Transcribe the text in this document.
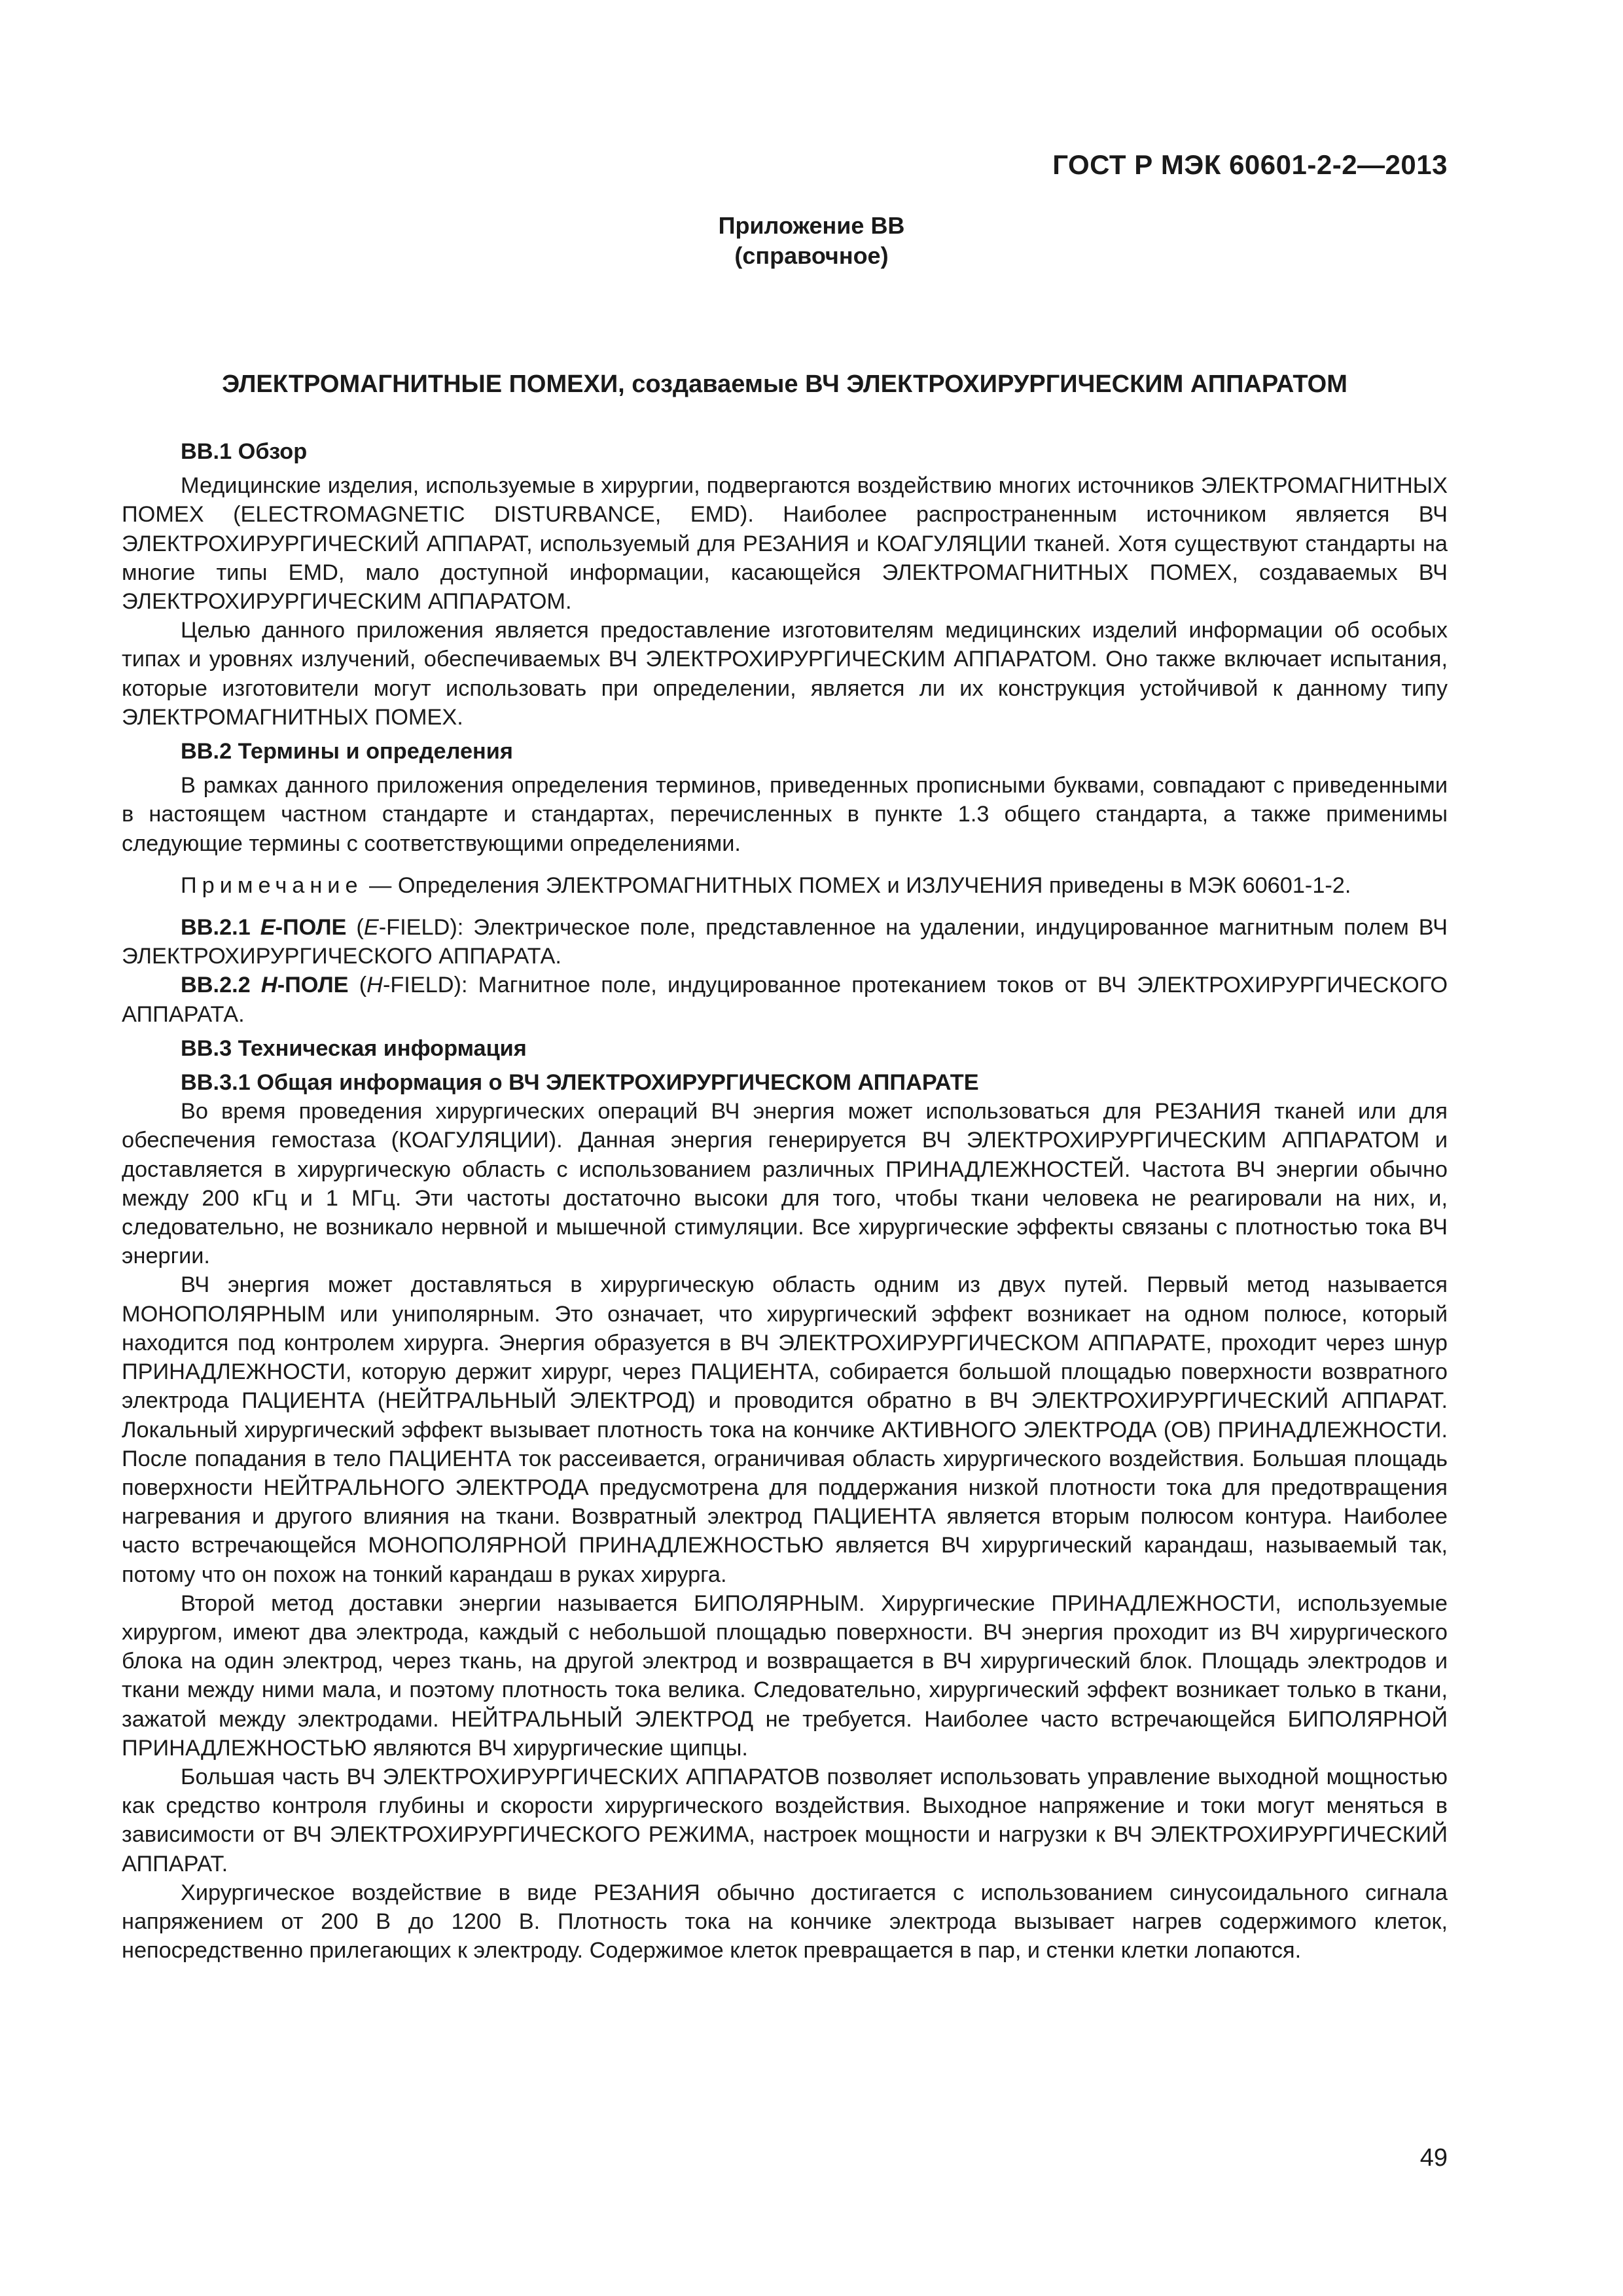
ГОСТ Р МЭК 60601-2-2—2013
Приложение ВВ
(справочное)
ЭЛЕКТРОМАГНИТНЫЕ ПОМЕХИ, создаваемые ВЧ ЭЛЕКТРОХИРУРГИЧЕСКИМ АППАРАТОМ
ВВ.1 Обзор

Медицинские изделия, используемые в хирургии, подвергаются воздействию многих источников ЭЛЕКТРОМАГНИТНЫХ ПОМЕХ (ELECTROMAGNETIC DISTURBANCE, EMD). Наиболее распространенным источником является ВЧ ЭЛЕКТРОХИРУРГИЧЕСКИЙ АППАРАТ, используемый для РЕЗАНИЯ и КОАГУЛЯЦИИ тканей. Хотя существуют стандарты на многие типы EMD, мало доступной информации, касающейся ЭЛЕКТРОМАГНИТНЫХ ПОМЕХ, создаваемых ВЧ ЭЛЕКТРОХИРУРГИЧЕСКИМ АППАРАТОМ.

Целью данного приложения является предоставление изготовителям медицинских изделий информации об особых типах и уровнях излучений, обеспечиваемых ВЧ ЭЛЕКТРОХИРУРГИЧЕСКИМ АППАРАТОМ. Оно также включает испытания, которые изготовители могут использовать при определении, является ли их конструкция устойчивой к данному типу ЭЛЕКТРОМАГНИТНЫХ ПОМЕХ.

ВВ.2 Термины и определения

В рамках данного приложения определения терминов, приведенных прописными буквами, совпадают с приведенными в настоящем частном стандарте и стандартах, перечисленных в пункте 1.3 общего стандарта, а также применимы следующие термины с соответствующими определениями.

Примечание — Определения ЭЛЕКТРОМАГНИТНЫХ ПОМЕХ и ИЗЛУЧЕНИЯ приведены в МЭК 60601-1-2.

ВВ.2.1 E-ПОЛЕ (E-FIELD): Электрическое поле, представленное на удалении, индуцированное магнитным полем ВЧ ЭЛЕКТРОХИРУРГИЧЕСКОГО АППАРАТА.

ВВ.2.2 H-ПОЛЕ (H-FIELD): Магнитное поле, индуцированное протеканием токов от ВЧ ЭЛЕКТРОХИРУРГИЧЕСКОГО АППАРАТА.

ВВ.3 Техническая информация
ВВ.3.1 Общая информация о ВЧ ЭЛЕКТРОХИРУРГИЧЕСКОМ АППАРАТЕ

Во время проведения хирургических операций ВЧ энергия может использоваться для РЕЗАНИЯ тканей или для обеспечения гемостаза (КОАГУЛЯЦИИ). Данная энергия генерируется ВЧ ЭЛЕКТРОХИРУРГИЧЕСКИМ АППАРАТОМ и доставляется в хирургическую область с использованием различных ПРИНАДЛЕЖНОСТЕЙ. Частота ВЧ энергии обычно между 200 кГц и 1 МГц. Эти частоты достаточно высоки для того, чтобы ткани человека не реагировали на них, и, следовательно, не возникало нервной и мышечной стимуляции. Все хирургические эффекты связаны с плотностью тока ВЧ энергии.

ВЧ энергия может доставляться в хирургическую область одним из двух путей. Первый метод называется МОНОПОЛЯРНЫМ или униполярным. Это означает, что хирургический эффект возникает на одном полюсе, который находится под контролем хирурга. Энергия образуется в ВЧ ЭЛЕКТРОХИРУРГИЧЕСКОМ АППАРАТЕ, проходит через шнур ПРИНАДЛЕЖНОСТИ, которую держит хирург, через ПАЦИЕНТА, собирается большой площадью поверхности возвратного электрода ПАЦИЕНТА (НЕЙТРАЛЬНЫЙ ЭЛЕКТРОД) и проводится обратно в ВЧ ЭЛЕКТРОХИРУРГИЧЕСКИЙ АППАРАТ. Локальный хирургический эффект вызывает плотность тока на кончике АКТИВНОГО ЭЛЕКТРОДА (ОВ) ПРИНАДЛЕЖНОСТИ. После попадания в тело ПАЦИЕНТА ток рассеивается, ограничивая область хирургического воздействия. Большая площадь поверхности НЕЙТРАЛЬНОГО ЭЛЕКТРОДА предусмотрена для поддержания низкой плотности тока для предотвращения нагревания и другого влияния на ткани. Возвратный электрод ПАЦИЕНТА является вторым полюсом контура. Наиболее часто встречающейся МОНОПОЛЯРНОЙ ПРИНАДЛЕЖНОСТЬЮ является ВЧ хирургический карандаш, называемый так, потому что он похож на тонкий карандаш в руках хирурга.

Второй метод доставки энергии называется БИПОЛЯРНЫМ. Хирургические ПРИНАДЛЕЖНОСТИ, используемые хирургом, имеют два электрода, каждый с небольшой площадью поверхности. ВЧ энергия проходит из ВЧ хирургического блока на один электрод, через ткань, на другой электрод и возвращается в ВЧ хирургический блок. Площадь электродов и ткани между ними мала, и поэтому плотность тока велика. Следовательно, хирургический эффект возникает только в ткани, зажатой между электродами. НЕЙТРАЛЬНЫЙ ЭЛЕКТРОД не требуется. Наиболее часто встречающейся БИПОЛЯРНОЙ ПРИНАДЛЕЖНОСТЬЮ являются ВЧ хирургические щипцы.

Большая часть ВЧ ЭЛЕКТРОХИРУРГИЧЕСКИХ АППАРАТОВ позволяет использовать управление выходной мощностью как средство контроля глубины и скорости хирургического воздействия. Выходное напряжение и токи могут меняться в зависимости от ВЧ ЭЛЕКТРОХИРУРГИЧЕСКОГО РЕЖИМА, настроек мощности и нагрузки к ВЧ ЭЛЕКТРОХИРУРГИЧЕСКИЙ АППАРАТ.

Хирургическое воздействие в виде РЕЗАНИЯ обычно достигается с использованием синусоидального сигнала напряжением от 200 В до 1200 В. Плотность тока на кончике электрода вызывает нагрев содержимого клеток, непосредственно прилегающих к электроду. Содержимое клеток превращается в пар, и стенки клетки лопаются.

49
